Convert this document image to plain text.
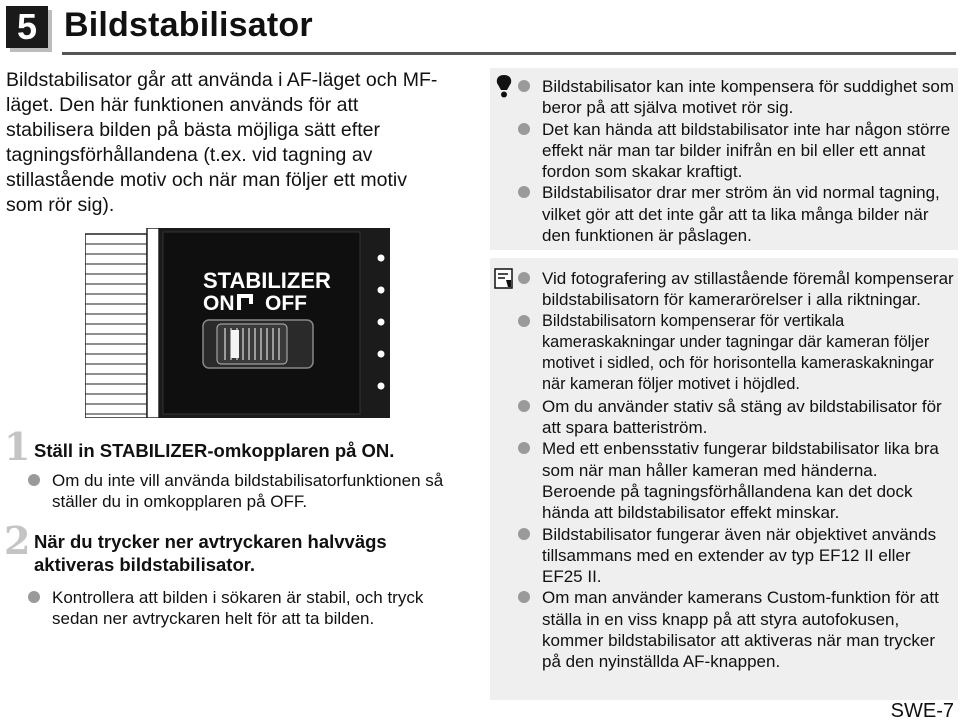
5 Bildstabilisator
Bildstabilisator går att använda i AF-läget och MF-läget. Den här funktionen används för att stabilisera bilden på bästa möjliga sätt efter tagningsförhållandena (t.ex. vid tagning av stillastående motiv och när man följer ett motiv som rör sig).
STABILIZER
ON OFF
1 Ställ in STABILIZER-omkopplaren på ON.
Om du inte vill använda bildstabilisatorfunktionen så ställer du in omkopplaren på OFF.
2 När du trycker ner avtryckaren halvvägs aktiveras bildstabilisator.
Kontrollera att bilden i sökaren är stabil, och tryck sedan ner avtryckaren helt för att ta bilden.
Bildstabilisator kan inte kompensera för suddighet som beror på att själva motivet rör sig.
Det kan hända att bildstabilisator inte har någon större effekt när man tar bilder inifrån en bil eller ett annat fordon som skakar kraftigt.
Bildstabilisator drar mer ström än vid normal tagning, vilket gör att det inte går att ta lika många bilder när den funktionen är påslagen.
Vid fotografering av stillastående föremål kompenserar bildstabilisatorn för kamerarörelser i alla riktningar.
Bildstabilisatorn kompenserar för vertikala kameraskakningar under tagningar där kameran följer motivet i sidled, och för horisontella kameraskakningar när kameran följer motivet i höjdled.
Om du använder stativ så stäng av bildstabilisator för att spara batteriström.
Med ett enbensstativ fungerar bildstabilisator lika bra som när man håller kameran med händerna. Beroende på tagningsförhållandena kan det dock hända att bildstabilisator effekt minskar.
Bildstabilisator fungerar även när objektivet används tillsammans med en extender av typ EF12 II eller EF25 II.
Om man använder kamerans Custom-funktion för att ställa in en viss knapp på att styra autofokusen, kommer bildstabilisator att aktiveras när man trycker på den nyinställda AF-knappen.
SWE-7
